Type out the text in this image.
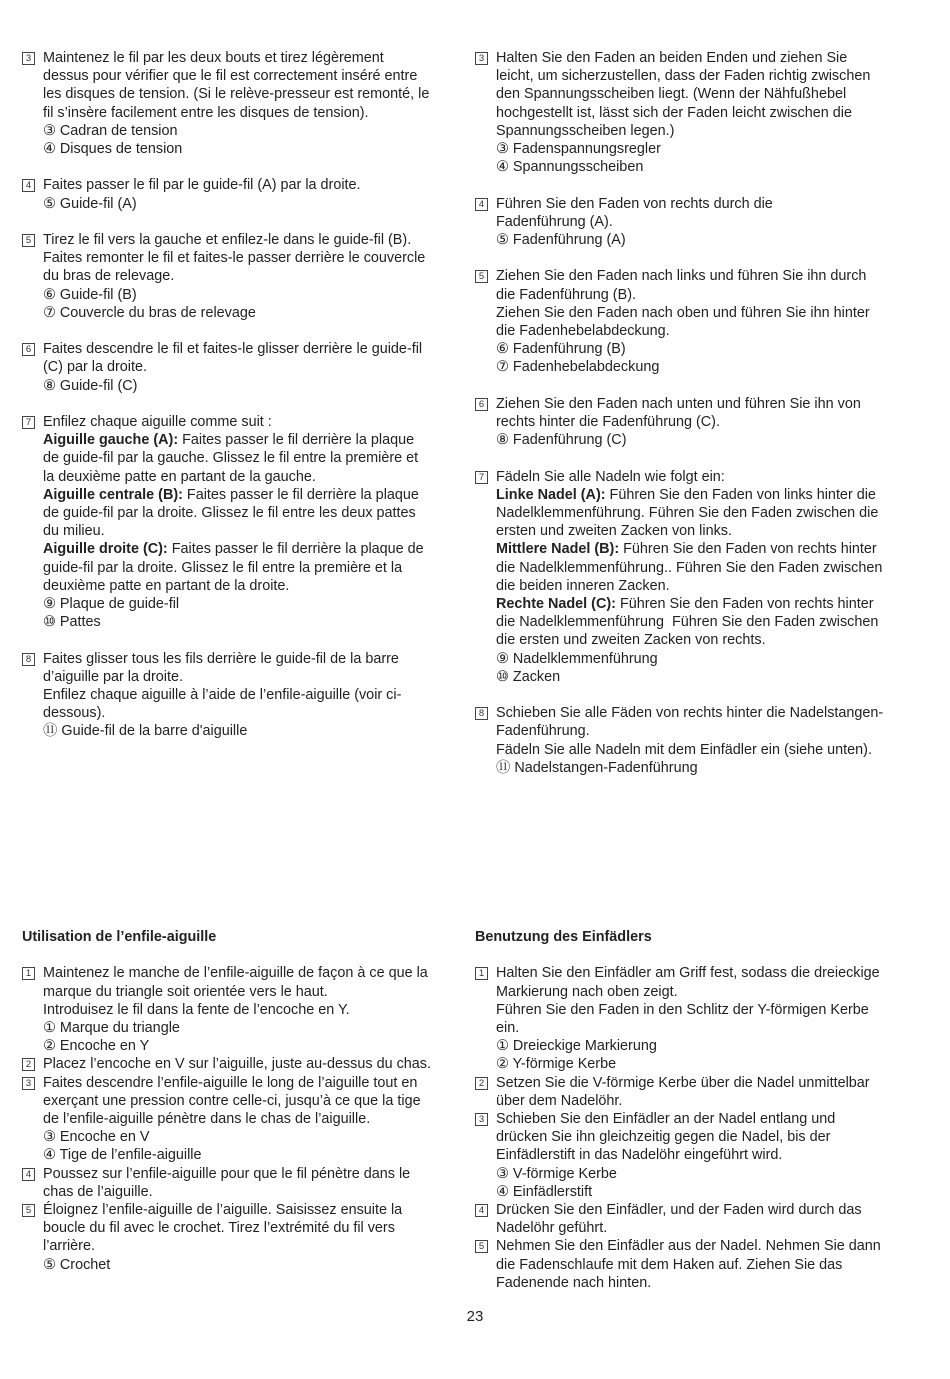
3 Maintenez le fil par les deux bouts et tirez légèrement
dessus pour vérifier que le fil est correctement inséré entre
les disques de tension. (Si le relève-presseur est remonté, le
fil s’insère facilement entre les disques de tension).
③ Cadran de tension
④ Disques de tension
4 Faites passer le fil par le guide-fil (A) par la droite.
⑤ Guide-fil (A)
5 Tirez le fil vers la gauche et enfilez-le dans le guide-fil (B).
Faites remonter le fil et faites-le passer derrière le couvercle
du bras de relevage.
⑥ Guide-fil (B)
⑦ Couvercle du bras de relevage
6 Faites descendre le fil et faites-le glisser derrière le guide-fil
(C) par la droite.
⑧ Guide-fil (C)
7 Enfilez chaque aiguille comme suit :
Aiguille gauche (A): Faites passer le fil derrière la plaque
de guide-fil par la gauche. Glissez le fil entre la première et
la deuxième patte en partant de la gauche.
Aiguille centrale (B): Faites passer le fil derrière la plaque
de guide-fil par la droite. Glissez le fil entre les deux pattes
du milieu.
Aiguille droite (C): Faites passer le fil derrière la plaque de
guide-fil par la droite. Glissez le fil entre la première et la
deuxième patte en partant de la droite.
⑨ Plaque de guide-fil
⑩ Pattes
8 Faites glisser tous les fils derrière le guide-fil de la barre
d’aiguille par la droite.
Enfilez chaque aiguille à l’aide de l’enfile-aiguille (voir ci-
dessous).
⑪ Guide-fil de la barre d'aiguille
3 Halten Sie den Faden an beiden Enden und ziehen Sie
leicht, um sicherzustellen, dass der Faden richtig zwischen
den Spannungsscheiben liegt. (Wenn der Nähfußhebel
hochgestellt ist, lässt sich der Faden leicht zwischen die
Spannungsscheiben legen.)
③ Fadenspannungsregler
④ Spannungsscheiben
4 Führen Sie den Faden von rechts durch die
Fadenführung (A).
⑤ Fadenführung (A)
5 Ziehen Sie den Faden nach links und führen Sie ihn durch
die Fadenführung (B).
Ziehen Sie den Faden nach oben und führen Sie ihn hinter
die Fadenhebelabdeckung.
⑥ Fadenführung (B)
⑦ Fadenhebelabdeckung
6 Ziehen Sie den Faden nach unten und führen Sie ihn von
rechts hinter die Fadenführung (C).
⑧ Fadenführung (C)
7 Fädeln Sie alle Nadeln wie folgt ein:
Linke Nadel (A): Führen Sie den Faden von links hinter die
Nadelklemmenführung. Führen Sie den Faden zwischen die
ersten und zweiten Zacken von links.
Mittlere Nadel (B): Führen Sie den Faden von rechts hinter
die Nadelklemmenführung.. Führen Sie den Faden zwischen
die beiden inneren Zacken.
Rechte Nadel (C): Führen Sie den Faden von rechts hinter
die Nadelklemmenführung  Führen Sie den Faden zwischen
die ersten und zweiten Zacken von rechts.
⑨ Nadelklemmenführung
⑩ Zacken
8 Schieben Sie alle Fäden von rechts hinter die Nadelstangen-
Fadenführung.
Fädeln Sie alle Nadeln mit dem Einfädler ein (siehe unten).
⑪ Nadelstangen-Fadenführung
Utilisation de l’enfile-aiguille
1 Maintenez le manche de l’enfile-aiguille de façon à ce que la
marque du triangle soit orientée vers le haut.
Introduisez le fil dans la fente de l’encoche en Y.
① Marque du triangle
② Encoche en Y
2 Placez l’encoche en V sur l’aiguille, juste au-dessus du chas.
3 Faites descendre l’enfile-aiguille le long de l’aiguille tout en
exerçant une pression contre celle-ci, jusqu’à ce que la tige
de l’enfile-aiguille pénètre dans le chas de l’aiguille.
③ Encoche en V
④ Tige de l’enfile-aiguille
4 Poussez sur l’enfile-aiguille pour que le fil pénètre dans le
chas de l’aiguille.
5 Éloignez l’enfile-aiguille de l’aiguille. Saisissez ensuite la
boucle du fil avec le crochet. Tirez l’extrémité du fil vers
l’arrière.
⑤ Crochet
Benutzung des Einfädlers
1 Halten Sie den Einfädler am Griff fest, sodass die dreieckige
Markierung nach oben zeigt.
Führen Sie den Faden in den Schlitz der Y-förmigen Kerbe
ein.
① Dreieckige Markierung
② Y-förmige Kerbe
2 Setzen Sie die V-förmige Kerbe über die Nadel unmittelbar
über dem Nadelöhr.
3 Schieben Sie den Einfädler an der Nadel entlang und
drücken Sie ihn gleichzeitig gegen die Nadel, bis der
Einfädlerstift in das Nadelöhr eingeführt wird.
③ V-förmige Kerbe
④ Einfädlerstift
4 Drücken Sie den Einfädler, und der Faden wird durch das
Nadelöhr geführt.
5 Nehmen Sie den Einfädler aus der Nadel. Nehmen Sie dann
die Fadenschlaufe mit dem Haken auf. Ziehen Sie das
Fadenende nach hinten.
23
